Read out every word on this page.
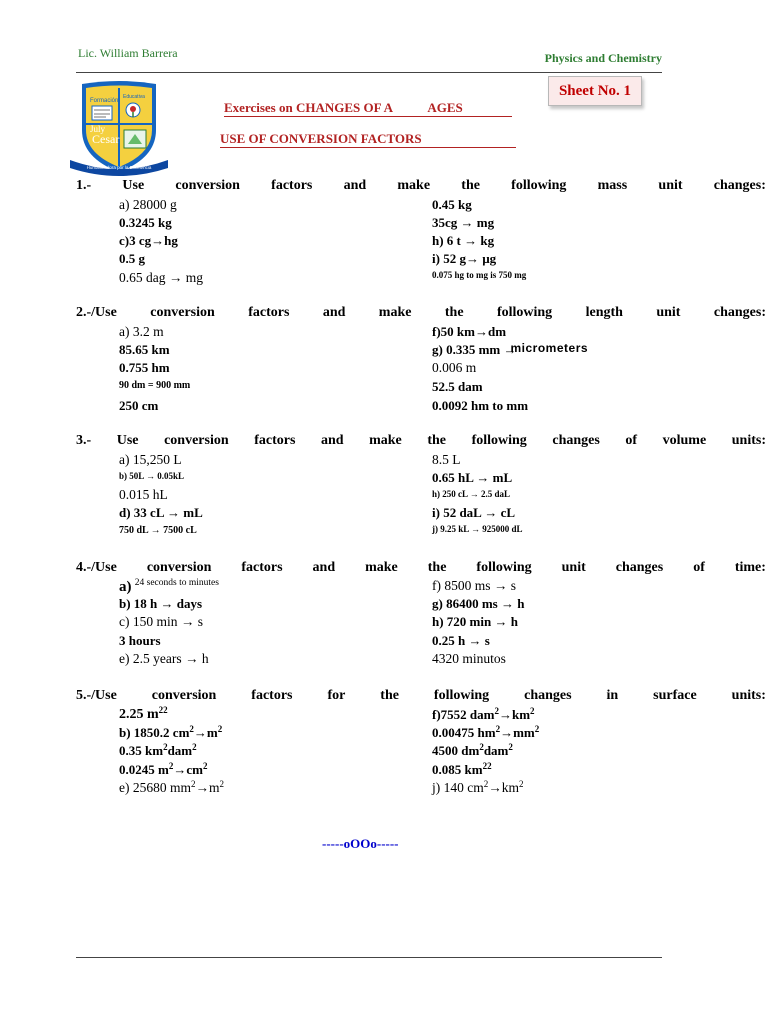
Lic. William Barrera	Physics and Chemistry
Sheet No. 1
Formación
Educativa
July
Cesar
Humanizadora por la Excelencia
Exercises on CHANGES OF A           AGES
USE OF CONVERSION FACTORS
1.- Use conversion factors and make the following mass unit changes:
a) 28000 g
0.3245 kg
c)3 cg→hg
0.5 g
0.65 dag → mg
0.45 kg
35cg → mg
h) 6 t → kg
i) 52 g→ µg
0.075 hg to mg is 750 mg
2.-/Use conversion factors and make the following length unit changes:
a) 3.2 m
85.65 km
0.755 hm
90 dm = 900 mm
250 cm
f)50 km→dm
g) 0.335 mm →micrometers
0.006 m
52.5 dam
0.0092 hm to mm
3.- Use conversion factors and make the following changes of volume units:
a) 15,250 L
b) 50L → 0.05kL
0.015 hL
d) 33 cL → mL
750 dL → 7500 cL
8.5 L
0.65 hL → mL
h) 250 cL → 2.5 daL
i) 52 daL → cL
j) 9.25 kL → 925000 dL
4.-/Use conversion factors and make the following unit changes of time:
a) $^{24 seconds to minutes}$
b) 18 h → days
c) 150 min → s
3 hours
e) 2.5 years → h
f) 8500 ms → s
g) 86400 ms → h
h) 720 min → h
0.25 h → s
4320 minutos
5.-/Use conversion factors for the following changes in surface units:
2.25 $m^{22}$
b) 1850.2 $cm^2\to m^2$
0.35 $km^2dam^2$
0.0245 $m^2\to cm^2$
e) 25680 $mm^2\to m^2$
f)7552 $dam^2\to km^2$
0.00475 $hm^2\to mm^2$
4500 $dm^2dam^2$
0.085 $km^{22}$
j) 140 $cm^2\to km^2$
-----oOOo-----
